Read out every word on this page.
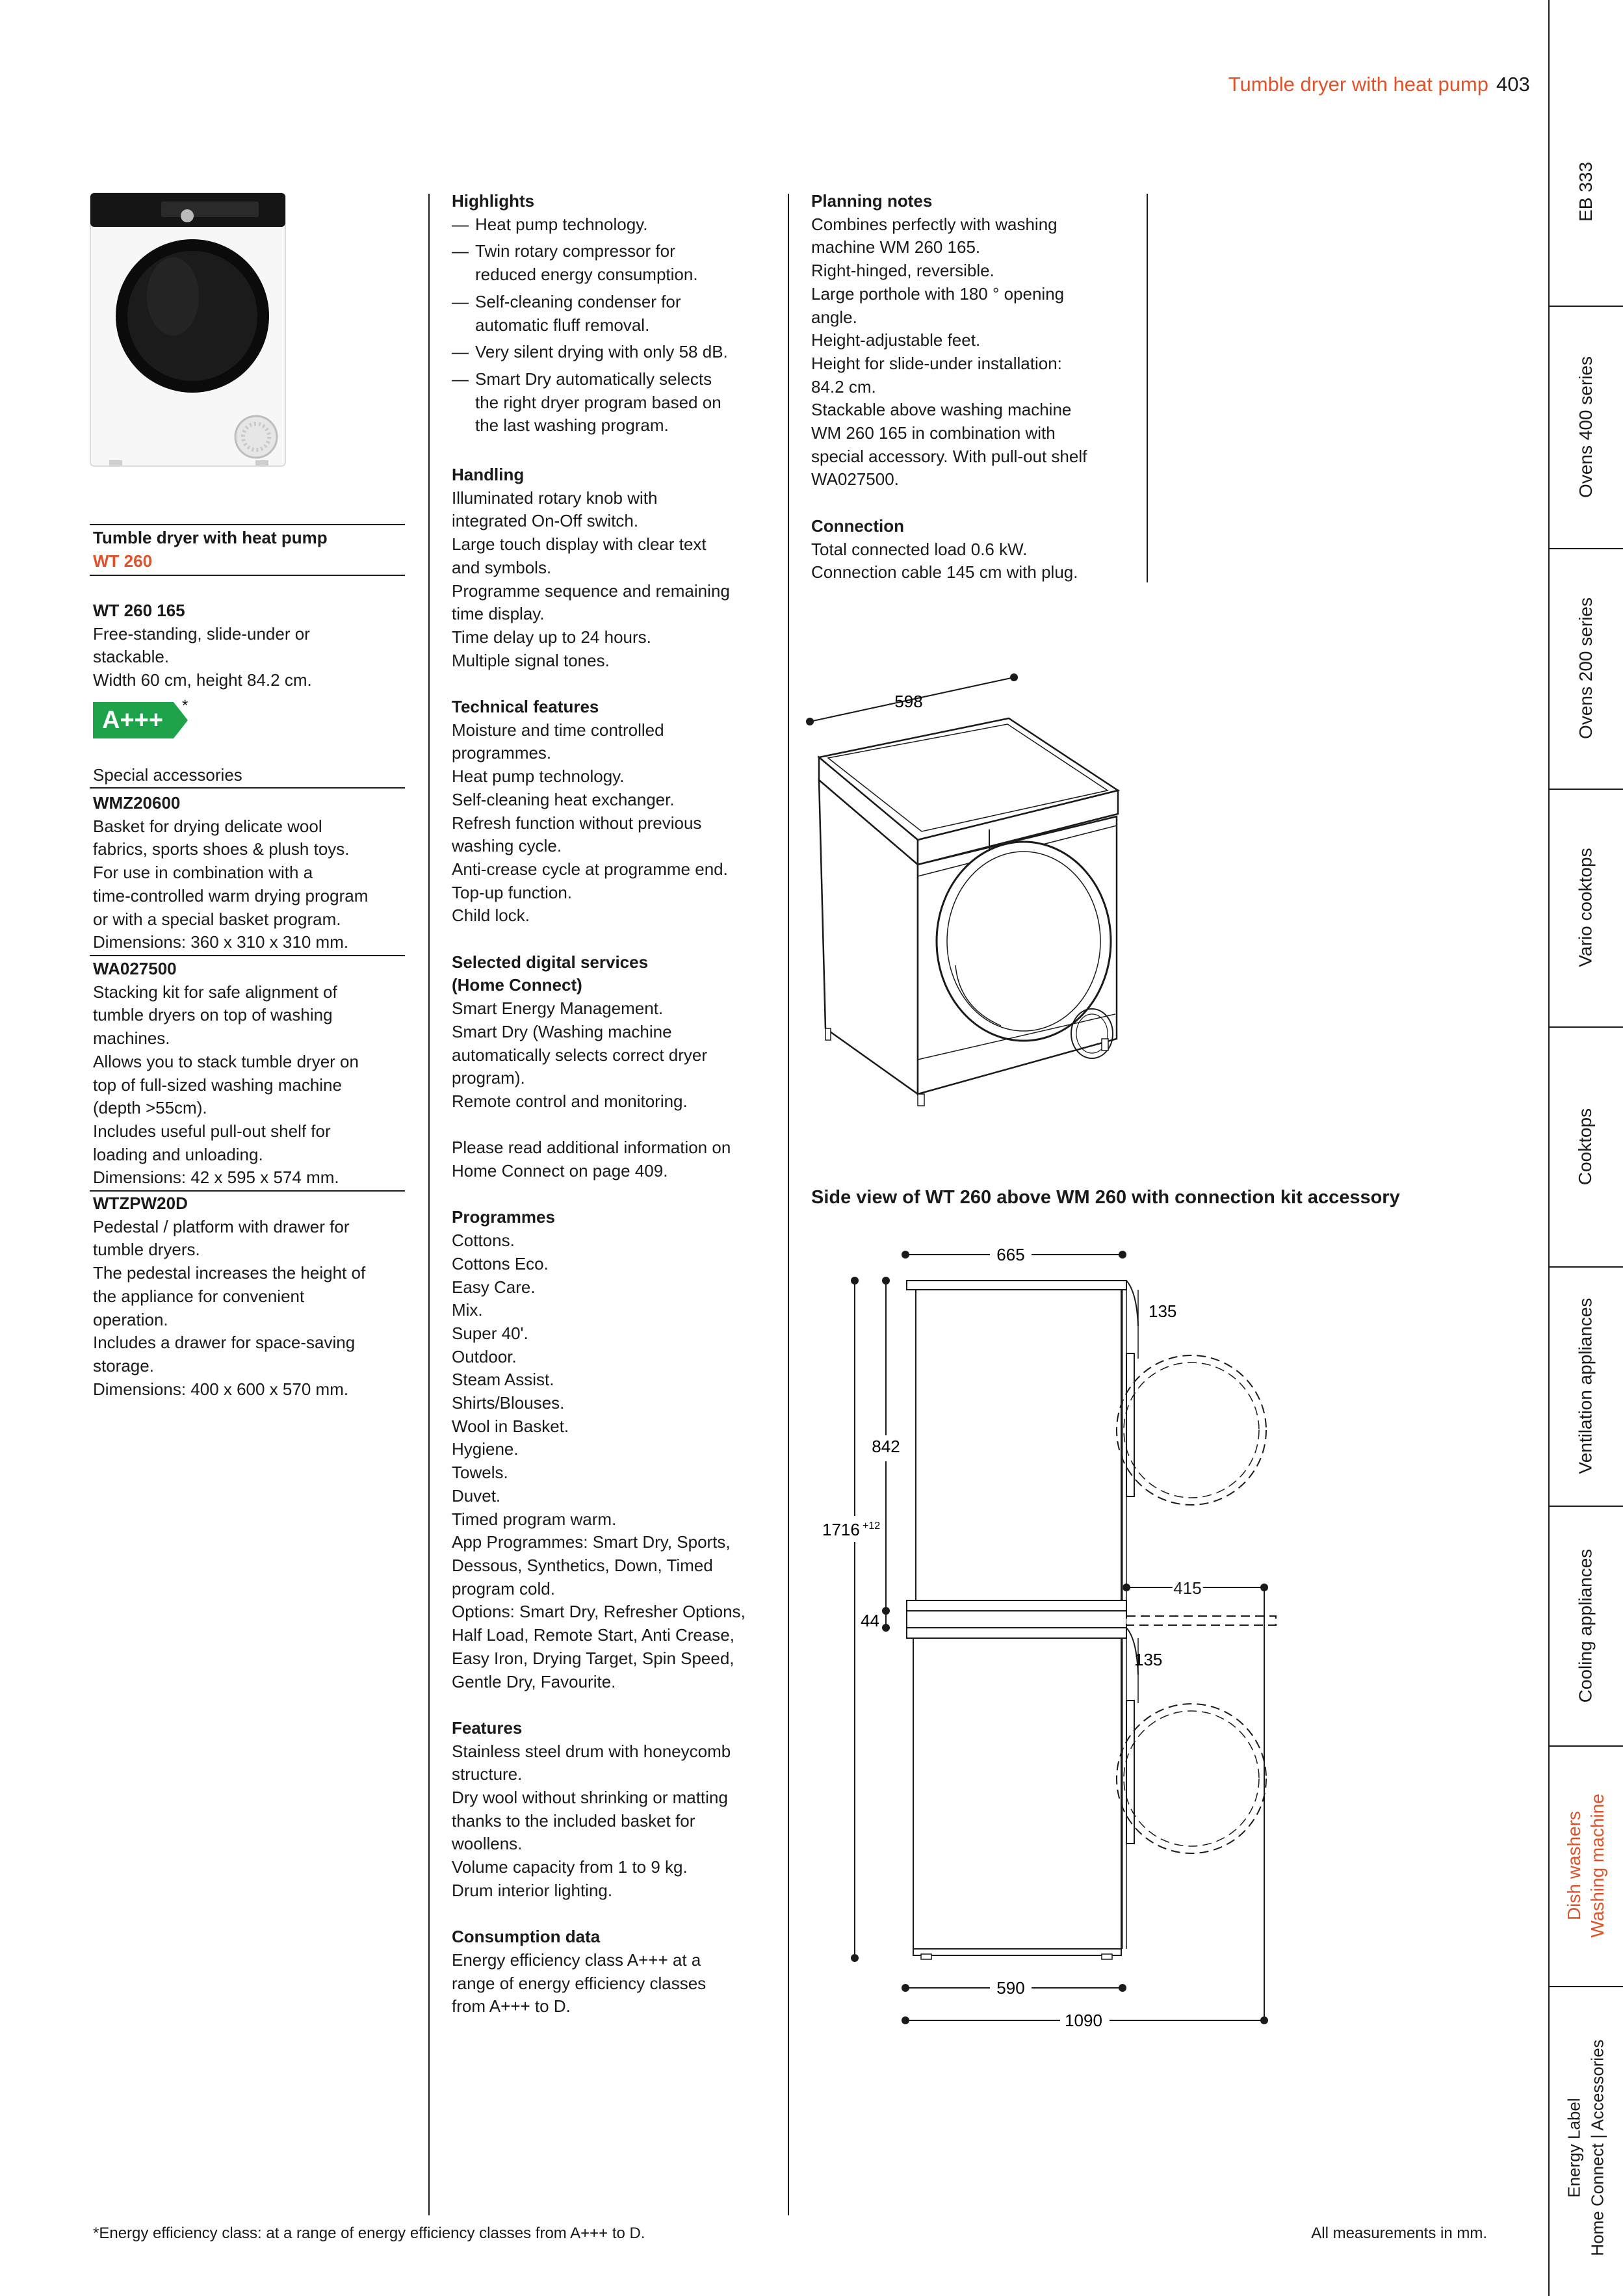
Tumble dryer with heat pump 403
EB 333
Ovens 400 series
Ovens 200 series
Vario cooktops
Cooktops
Ventilation appliances
Cooling appliances
Dish washers Washing machine
Energy Label Home Connect | Accessories
Tumble dryer with heat pump
WT 260
WT 260 165
Free-standing, slide-under or
stackable.
Width 60 cm, height 84.2 cm.
A+++
*
Special accessories
WMZ20600
Basket for drying delicate wool
fabrics, sports shoes & plush toys.
For use in combination with a
time-controlled warm drying program
or with a special basket program.
Dimensions: 360 x 310 x 310 mm.
WA027500
Stacking kit for safe alignment of
tumble dryers on top of washing
machines.
Allows you to stack tumble dryer on
top of full-sized washing machine
(depth >55cm).
Includes useful pull-out shelf for
loading and unloading.
Dimensions: 42 x 595 x 574 mm.
WTZPW20D
Pedestal / platform with drawer for
tumble dryers.
The pedestal increases the height of
the appliance for convenient
operation.
Includes a drawer for space-saving
storage.
Dimensions: 400 x 600 x 570 mm.
Highlights
— Heat pump technology.
— Twin rotary compressor for
reduced energy consumption.
— Self-cleaning condenser for
automatic fluff removal.
— Very silent drying with only 58 dB.
— Smart Dry automatically selects
the right dryer program based on
the last washing program.
Handling
Illuminated rotary knob with
integrated On-Off switch.
Large touch display with clear text
and symbols.
Programme sequence and remaining
time display.
Time delay up to 24 hours.
Multiple signal tones.
Technical features
Moisture and time controlled
programmes.
Heat pump technology.
Self-cleaning heat exchanger.
Refresh function without previous
washing cycle.
Anti-crease cycle at programme end.
Top-up function.
Child lock.
Selected digital services
(Home Connect)
Smart Energy Management.
Smart Dry (Washing machine
automatically selects correct dryer
program).
Remote control and monitoring.
Please read additional information on
Home Connect on page 409.
Programmes
Cottons.
Cottons Eco.
Easy Care.
Mix.
Super 40'.
Outdoor.
Steam Assist.
Shirts/Blouses.
Wool in Basket.
Hygiene.
Towels.
Duvet.
Timed program warm.
App Programmes: Smart Dry, Sports,
Dessous, Synthetics, Down, Timed
program cold.
Options: Smart Dry, Refresher Options,
Half Load, Remote Start, Anti Crease,
Easy Iron, Drying Target, Spin Speed,
Gentle Dry, Favourite.
Features
Stainless steel drum with honeycomb
structure.
Dry wool without shrinking or matting
thanks to the included basket for
woollens.
Volume capacity from 1 to 9 kg.
Drum interior lighting.
Consumption data
Energy efficiency class A+++ at a
range of energy efficiency classes
from A+++ to D.
Planning notes
Combines perfectly with washing
machine WM 260 165.
Right-hinged, reversible.
Large porthole with 180 ° opening
angle.
Height-adjustable feet.
Height for slide-under installation:
84.2 cm.
Stackable above washing machine
WM 260 165 in combination with
special accessory. With pull-out shelf
WA027500.
Connection
Total connected load 0.6 kW.
Connection cable 145 cm with plug.
598
Side view of WT 260 above WM 260 with connection kit accessory
665
1716 +12
842
44
135
415
135
590
1090
*Energy efficiency class: at a range of energy efficiency classes from A+++ to D.	All measurements in mm.
